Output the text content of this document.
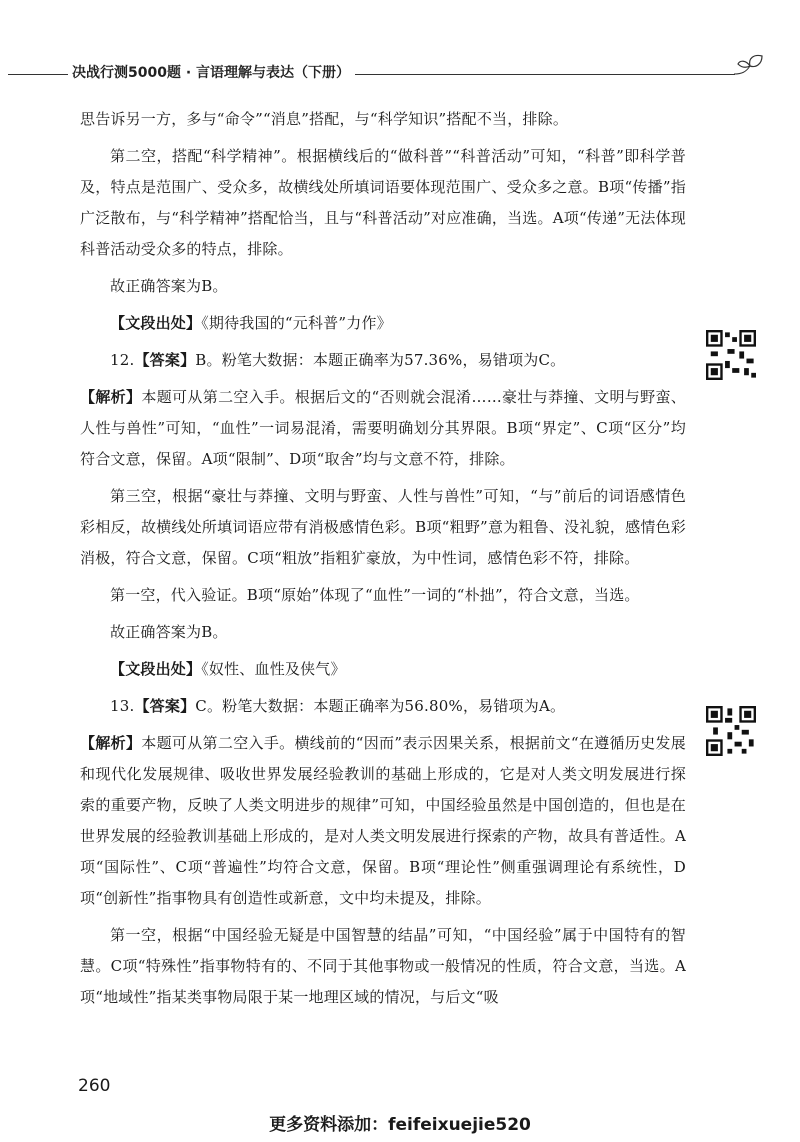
决战行测5000题 · 言语理解与表达（下册）

思告诉另一方，多与“命令”“消息”搭配，与“科学知识”搭配不当，排除。

第二空，搭配“科学精神”。根据横线后的“做科普”“科普活动”可知，“科普”即科学普及，特点是范围广、受众多，故横线处所填词语要体现范围广、受众多之意。B项“传播”指广泛散布，与“科学精神”搭配恰当，且与“科普活动”对应准确，当选。A项“传递”无法体现科普活动受众多的特点，排除。

故正确答案为B。

【文段出处】《期待我国的“元科普”力作》

12.【答案】B。粉笔大数据：本题正确率为57.36%，易错项为C。

【解析】本题可从第二空入手。根据后文的“否则就会混淆……豪壮与莽撞、文明与野蛮、人性与兽性”可知，“血性”一词易混淆，需要明确划分其界限。B项“界定”、C项“区分”均符合文意，保留。A项“限制”、D项“取舍”均与文意不符，排除。

第三空，根据“豪壮与莽撞、文明与野蛮、人性与兽性”可知，“与”前后的词语感情色彩相反，故横线处所填词语应带有消极感情色彩。B项“粗野”意为粗鲁、没礼貌，感情色彩消极，符合文意，保留。C项“粗放”指粗犷豪放，为中性词，感情色彩不符，排除。

第一空，代入验证。B项“原始”体现了“血性”一词的“朴拙”，符合文意，当选。

故正确答案为B。

【文段出处】《奴性、血性及侠气》

13.【答案】C。粉笔大数据：本题正确率为56.80%，易错项为A。

【解析】本题可从第二空入手。横线前的“因而”表示因果关系，根据前文“在遵循历史发展和现代化发展规律、吸收世界发展经验教训的基础上形成的，它是对人类文明发展进行探索的重要产物，反映了人类文明进步的规律”可知，中国经验虽然是中国创造的，但也是在世界发展的经验教训基础上形成的，是对人类文明发展进行探索的产物，故具有普适性。A项“国际性”、C项“普遍性”均符合文意，保留。B项“理论性”侧重强调理论有系统性，D项“创新性”指事物具有创造性或新意，文中均未提及，排除。

第一空，根据“中国经验无疑是中国智慧的结晶”可知，“中国经验”属于中国特有的智慧。C项“特殊性”指事物特有的、不同于其他事物或一般情况的性质，符合文意，当选。A项“地域性”指某类事物局限于某一地理区域的情况，与后文“吸

260
更多资料添加：feifeixuejie520
